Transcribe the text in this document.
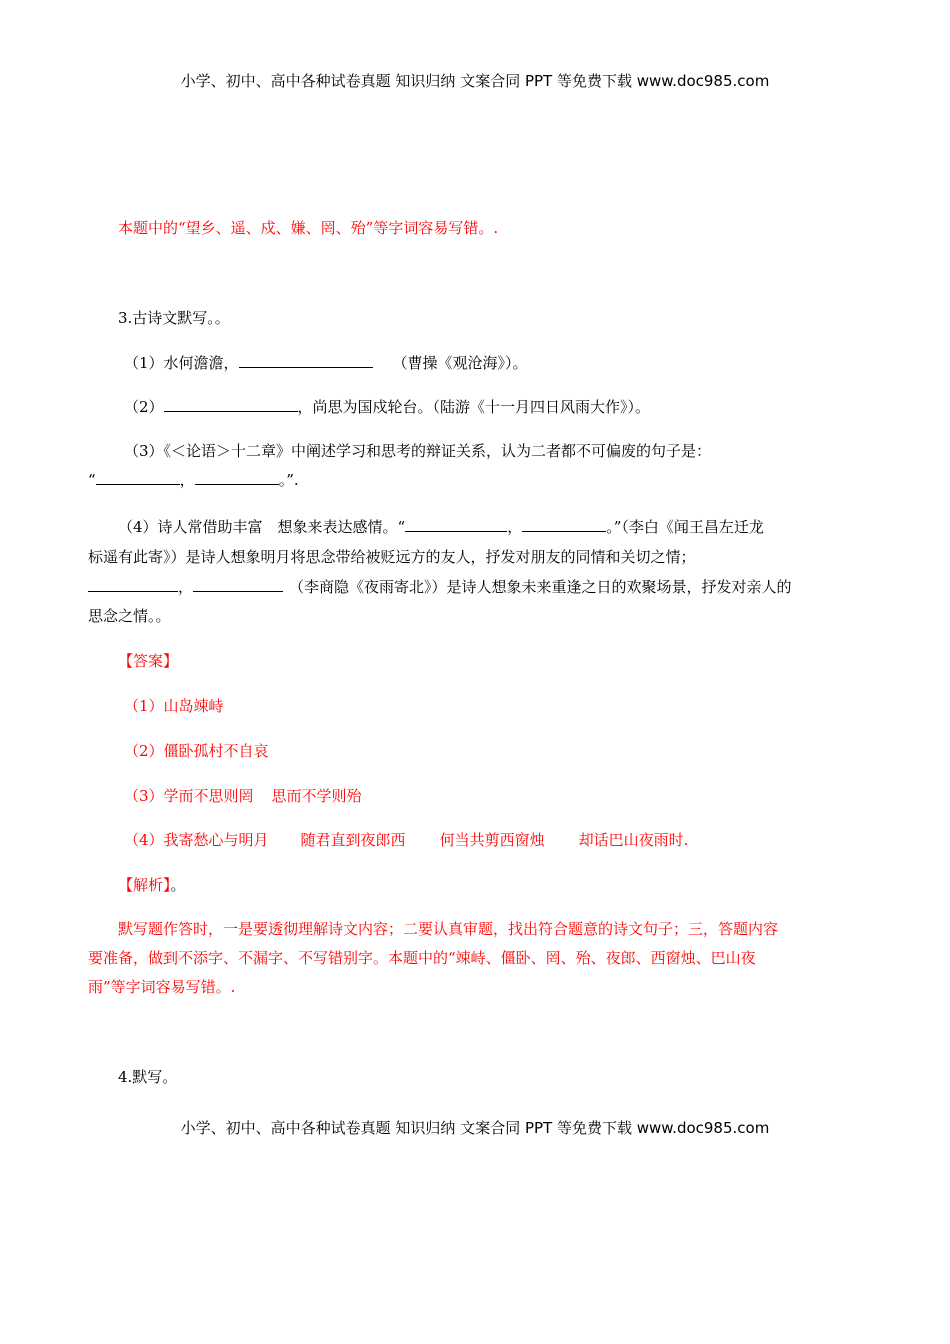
小学、初中、高中各种试卷真题 知识归纳 文案合同 PPT 等免费下载 www.doc985.com
本题中的“望乡、遥、戍、嫌、罔、殆”等字词容易写错。.
3.古诗文默写。。
（1）水何澹澹，	（曹操《观沧海》）。
（2）	，尚思为国戍轮台。（陆游《十一月四日风雨大作》）。
（3）《＜论语＞十二章》中阐述学习和思考的辩证关系，认为二者都不可偏废的句子是：
“	，	。”.
（4）诗人常借助丰富 想象来表达感情。“	，	。”（李白《闻王昌左迁龙
标遥有此寄》）是诗人想象明月将思念带给被贬远方的友人，抒发对朋友的同情和关切之情；
，	（李商隐《夜雨寄北》）是诗人想象未来重逢之日的欢聚场景，抒发对亲人的
思念之情。。
【答案】
（1）山岛竦峙
（2）僵卧孤村不自哀
（3）学而不思则罔 思而不学则殆
（4）我寄愁心与明月 随君直到夜郎西 何当共剪西窗烛 却话巴山夜雨时.
【解析】。
默写题作答时，一是要透彻理解诗文内容；二要认真审题，找出符合题意的诗文句子；三，答题内容
要准备，做到不添字、不漏字、不写错别字。本题中的“竦峙、僵卧、罔、殆、夜郎、西窗烛、巴山夜
雨”等字词容易写错。.
4.默写。
小学、初中、高中各种试卷真题 知识归纳 文案合同 PPT 等免费下载 www.doc985.com
